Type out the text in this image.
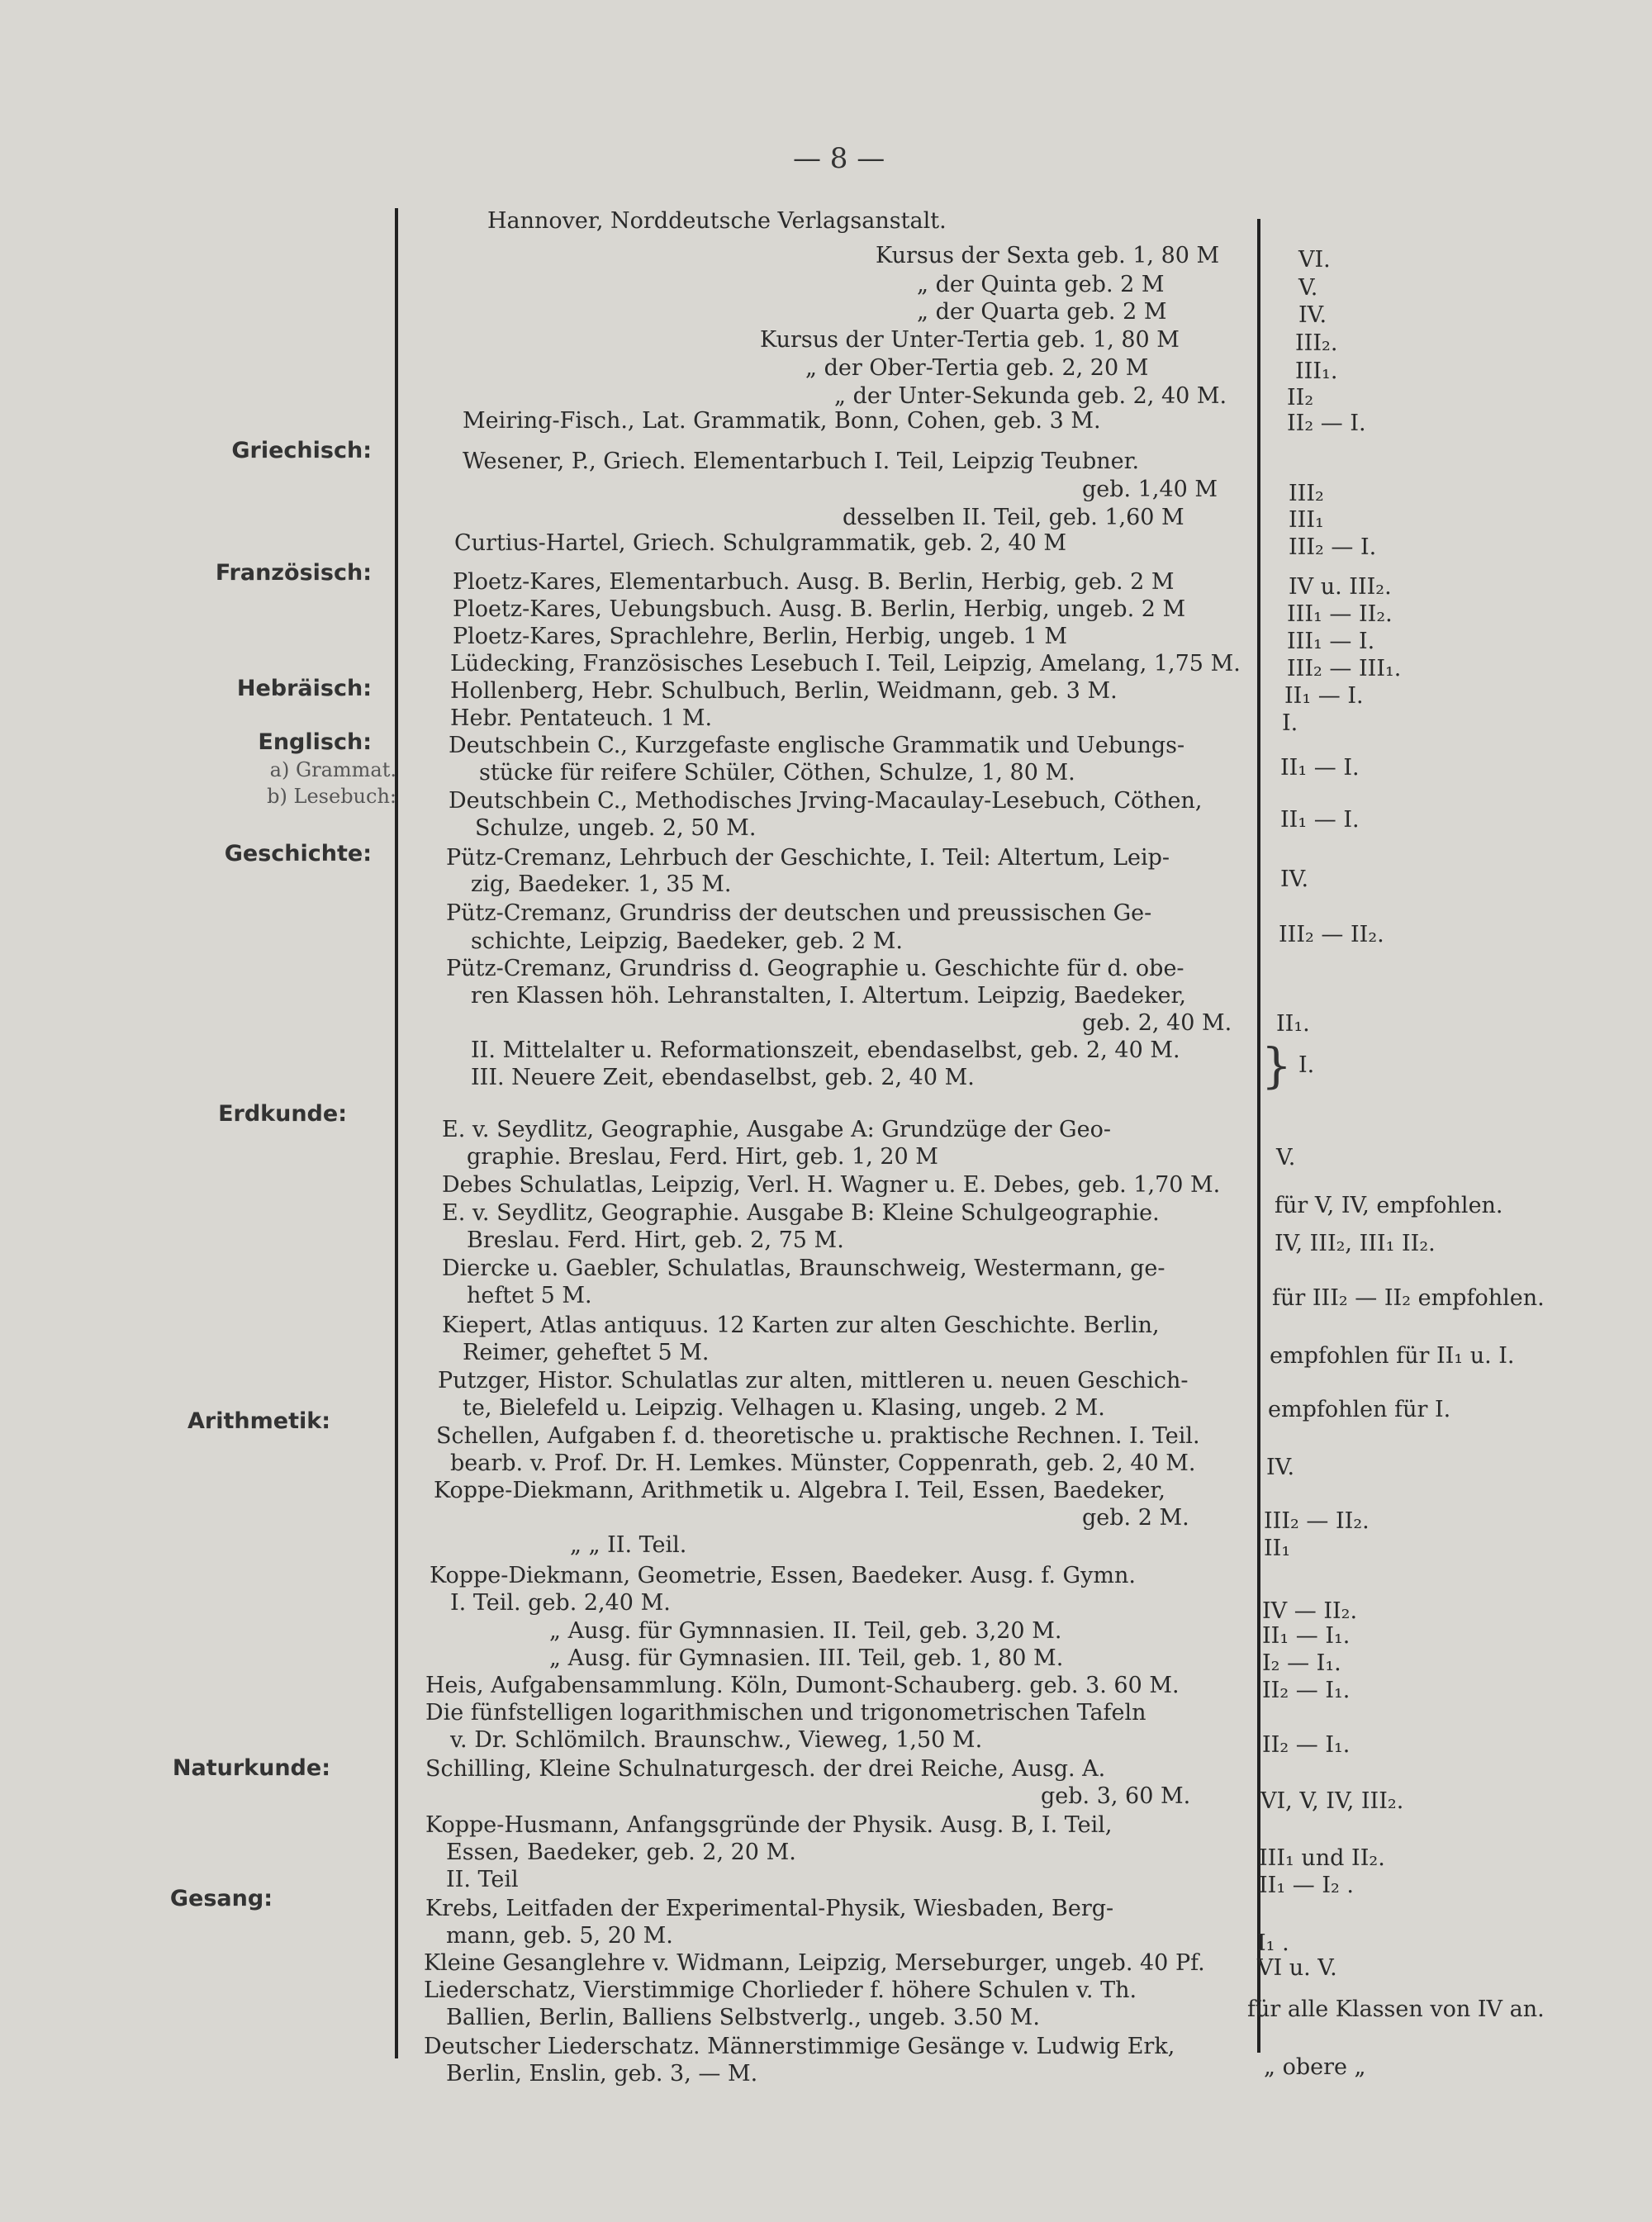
— 8 —
Griechisch:
Französisch:
Hebräisch:
Englisch:
a) Grammat.
b) Lesebuch:
Geschichte:
Erdkunde:
Arithmetik:
Naturkunde:
Gesang:
Hannover, Norddeutsche Verlagsanstalt.
Kursus der Sexta geb. 1, 80 M
„ der Quinta geb. 2 M
„ der Quarta geb. 2 M
Kursus der Unter-Tertia geb. 1, 80 M
„ der Ober-Tertia geb. 2, 20 M
„ der Unter-Sekunda geb. 2, 40 M.
Meiring-Fisch., Lat. Grammatik, Bonn, Cohen, geb. 3 M.
Wesener, P., Griech. Elementarbuch I. Teil, Leipzig Teubner.
geb. 1,40 M
desselben II. Teil, geb. 1,60 M
Curtius-Hartel, Griech. Schulgrammatik, geb. 2, 40 M
Ploetz-Kares, Elementarbuch. Ausg. B. Berlin, Herbig, geb. 2 M
Ploetz-Kares, Uebungsbuch. Ausg. B. Berlin, Herbig, ungeb. 2 M
Ploetz-Kares, Sprachlehre, Berlin, Herbig, ungeb. 1 M
Lüdecking, Französisches Lesebuch I. Teil, Leipzig, Amelang, 1,75 M.
Hollenberg, Hebr. Schulbuch, Berlin, Weidmann, geb. 3 M.
Hebr. Pentateuch. 1 M.
Deutschbein C., Kurzgefaste englische Grammatik und Uebungs-
stücke für reifere Schüler, Cöthen, Schulze, 1, 80 M.
Deutschbein C., Methodisches Jrving-Macaulay-Lesebuch, Cöthen,
Schulze, ungeb. 2, 50 M.
Pütz-Cremanz, Lehrbuch der Geschichte, I. Teil: Altertum, Leip-
zig, Baedeker. 1, 35 M.
Pütz-Cremanz, Grundriss der deutschen und preussischen Ge-
schichte, Leipzig, Baedeker, geb. 2 M.
Pütz-Cremanz, Grundriss d. Geographie u. Geschichte für d. obe-
ren Klassen höh. Lehranstalten, I. Altertum. Leipzig, Baedeker,
geb. 2, 40 M.
II. Mittelalter u. Reformationszeit, ebendaselbst, geb. 2, 40 M.
III. Neuere Zeit, ebendaselbst, geb. 2, 40 M.
E. v. Seydlitz, Geographie, Ausgabe A: Grundzüge der Geo-
graphie. Breslau, Ferd. Hirt, geb. 1, 20 M
Debes Schulatlas, Leipzig, Verl. H. Wagner u. E. Debes, geb. 1,70 M.
E. v. Seydlitz, Geographie. Ausgabe B: Kleine Schulgeographie.
Breslau. Ferd. Hirt, geb. 2, 75 M.
Diercke u. Gaebler, Schulatlas, Braunschweig, Westermann, ge-
heftet 5 M.
Kiepert, Atlas antiquus. 12 Karten zur alten Geschichte. Berlin,
Reimer, geheftet 5 M.
Putzger, Histor. Schulatlas zur alten, mittleren u. neuen Geschich-
te, Bielefeld u. Leipzig. Velhagen u. Klasing, ungeb. 2 M.
Schellen, Aufgaben f. d. theoretische u. praktische Rechnen. I. Teil.
bearb. v. Prof. Dr. H. Lemkes. Münster, Coppenrath, geb. 2, 40 M.
Koppe-Diekmann, Arithmetik u. Algebra I. Teil, Essen, Baedeker,
geb. 2 M.
„ „ II. Teil.
Koppe-Diekmann, Geometrie, Essen, Baedeker. Ausg. f. Gymn.
I. Teil. geb. 2,40 M.
„ Ausg. für Gymnnasien. II. Teil, geb. 3,20 M.
„ Ausg. für Gymnasien. III. Teil, geb. 1, 80 M.
Heis, Aufgabensammlung. Köln, Dumont-Schauberg. geb. 3. 60 M.
Die fünfstelligen logarithmischen und trigonometrischen Tafeln
v. Dr. Schlömilch. Braunschw., Vieweg, 1,50 M.
Schilling, Kleine Schulnaturgesch. der drei Reiche, Ausg. A.
geb. 3, 60 M.
Koppe-Husmann, Anfangsgründe der Physik. Ausg. B, I. Teil,
Essen, Baedeker, geb. 2, 20 M.
II. Teil
Krebs, Leitfaden der Experimental-Physik, Wiesbaden, Berg-
mann, geb. 5, 20 M.
Kleine Gesanglehre v. Widmann, Leipzig, Merseburger, ungeb. 40 Pf.
Liederschatz, Vierstimmige Chorlieder f. höhere Schulen v. Th.
Ballien, Berlin, Balliens Selbstverlg., ungeb. 3.50 M.
Deutscher Liederschatz. Männerstimmige Gesänge v. Ludwig Erk,
Berlin, Enslin, geb. 3, — M.
}
VI.
V.
IV.
III₂.
III₁.
II₂
II₂ — I.
III₂
III₁
III₂ — I.
IV u. III₂.
III₁ — II₂.
III₁ — I.
III₂ — III₁.
II₁ — I.
I.
II₁ — I.
II₁ — I.
IV.
III₂ — II₂.
II₁.
I.
V.
für V, IV, empfohlen.
IV, III₂, III₁ II₂.
für III₂ — II₂ empfohlen.
empfohlen für II₁ u. I.
empfohlen für I.
IV.
III₂ — II₂.
II₁
IV — II₂.
II₁ — I₁.
I₂ — I₁.
II₂ — I₁.
II₂ — I₁.
VI, V, IV, III₂.
III₁ und II₂.
II₁ — I₂ .
I₁ .
VI u. V.
für alle Klassen von IV an.
„ obere „
